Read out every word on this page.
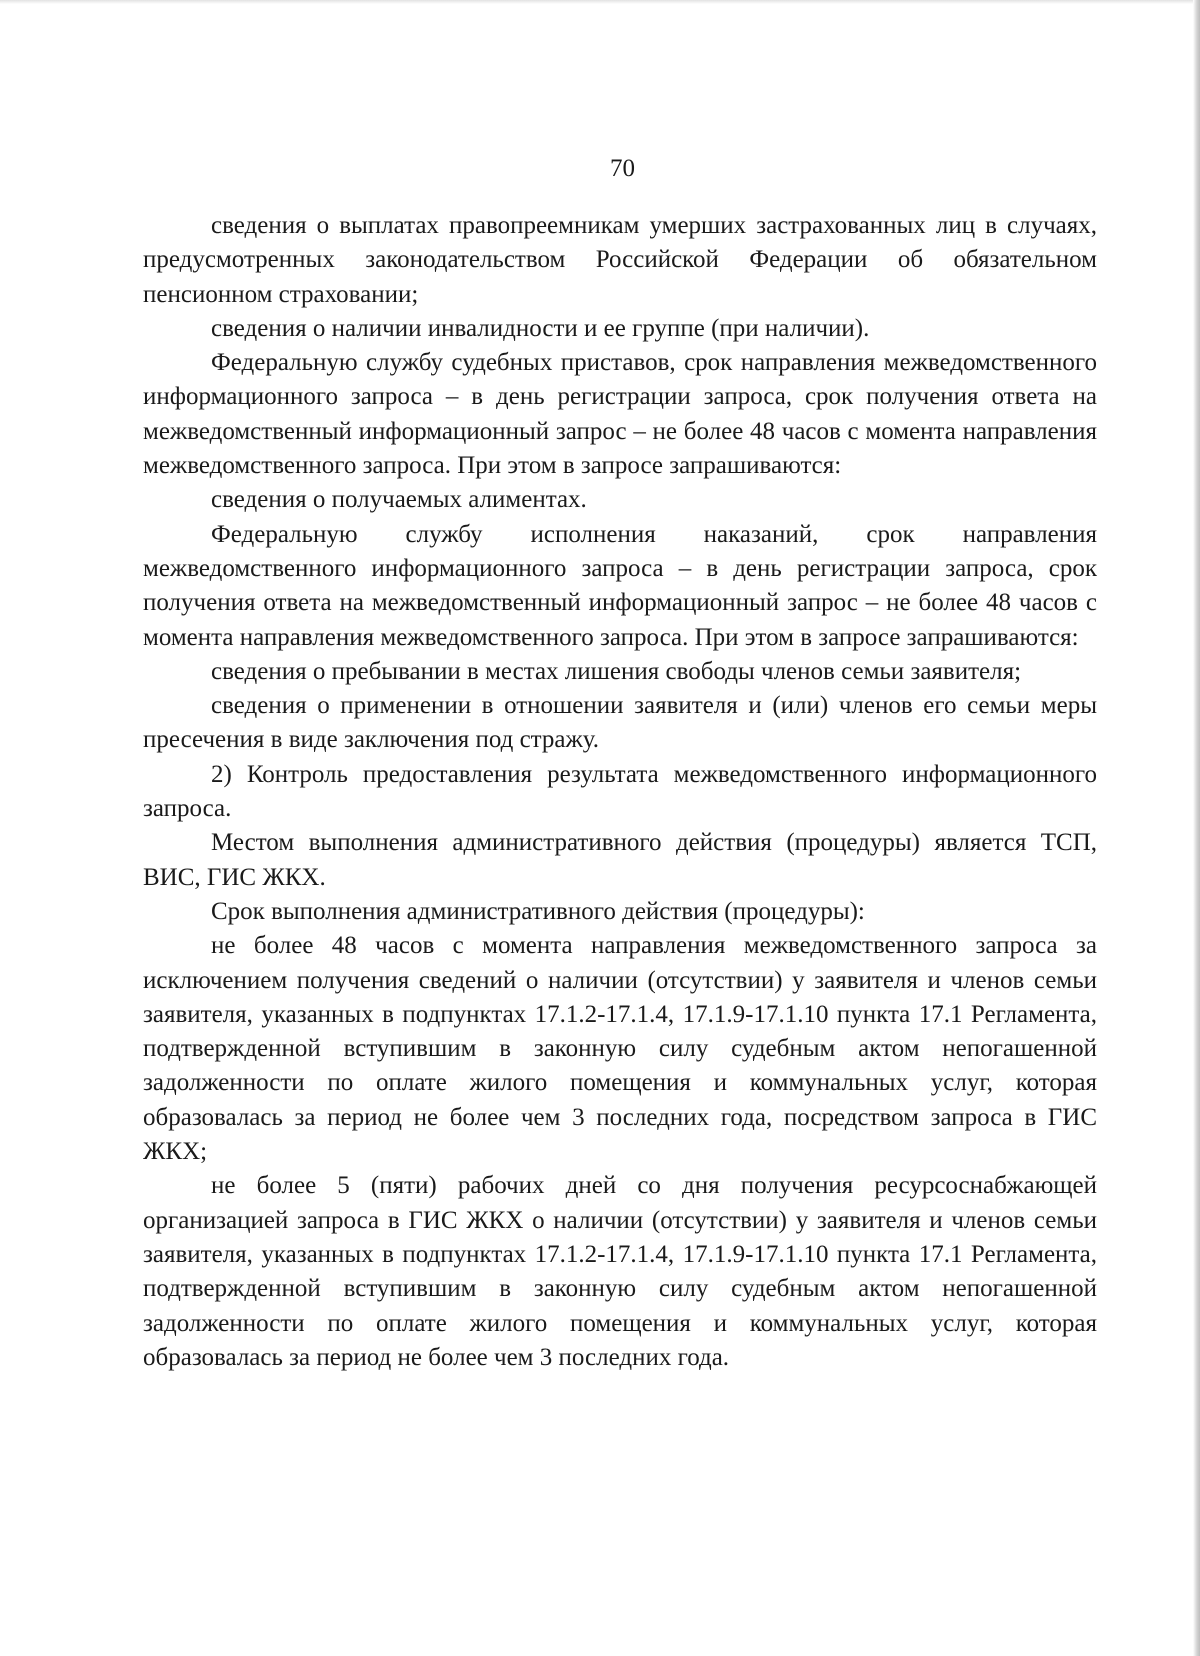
70

сведения о выплатах правопреемникам умерших застрахованных лиц в случаях, предусмотренных законодательством Российской Федерации об обязательном пенсионном страховании;

сведения о наличии инвалидности и ее группе (при наличии).

Федеральную службу судебных приставов, срок направления межведомственного информационного запроса – в день регистрации запроса, срок получения ответа на межведомственный информационный запрос – не более 48 часов с момента направления межведомственного запроса. При этом в запросе запрашиваются:

сведения о получаемых алиментах.

Федеральную службу исполнения наказаний, срок направления межведомственного информационного запроса – в день регистрации запроса, срок получения ответа на межведомственный информационный запрос – не более 48 часов с момента направления межведомственного запроса. При этом в запросе запрашиваются:

сведения о пребывании в местах лишения свободы членов семьи заявителя;

сведения о применении в отношении заявителя и (или) членов его семьи меры пресечения в виде заключения под стражу.

2) Контроль предоставления результата межведомственного информационного запроса.

Местом выполнения административного действия (процедуры) является ТСП, ВИС, ГИС ЖКХ.

Срок выполнения административного действия (процедуры):

не более 48 часов с момента направления межведомственного запроса за исключением получения сведений о наличии (отсутствии) у заявителя и членов семьи заявителя, указанных в подпунктах 17.1.2-17.1.4, 17.1.9-17.1.10 пункта 17.1 Регламента, подтвержденной вступившим в законную силу судебным актом непогашенной задолженности по оплате жилого помещения и коммунальных услуг, которая образовалась за период не более чем 3 последних года, посредством запроса в ГИС ЖКХ;

не более 5 (пяти) рабочих дней со дня получения ресурсоснабжающей организацией запроса в ГИС ЖКХ о наличии (отсутствии) у заявителя и членов семьи заявителя, указанных в подпунктах 17.1.2-17.1.4, 17.1.9-17.1.10 пункта 17.1 Регламента, подтвержденной вступившим в законную силу судебным актом непогашенной задолженности по оплате жилого помещения и коммунальных услуг, которая образовалась за период не более чем 3 последних года.
